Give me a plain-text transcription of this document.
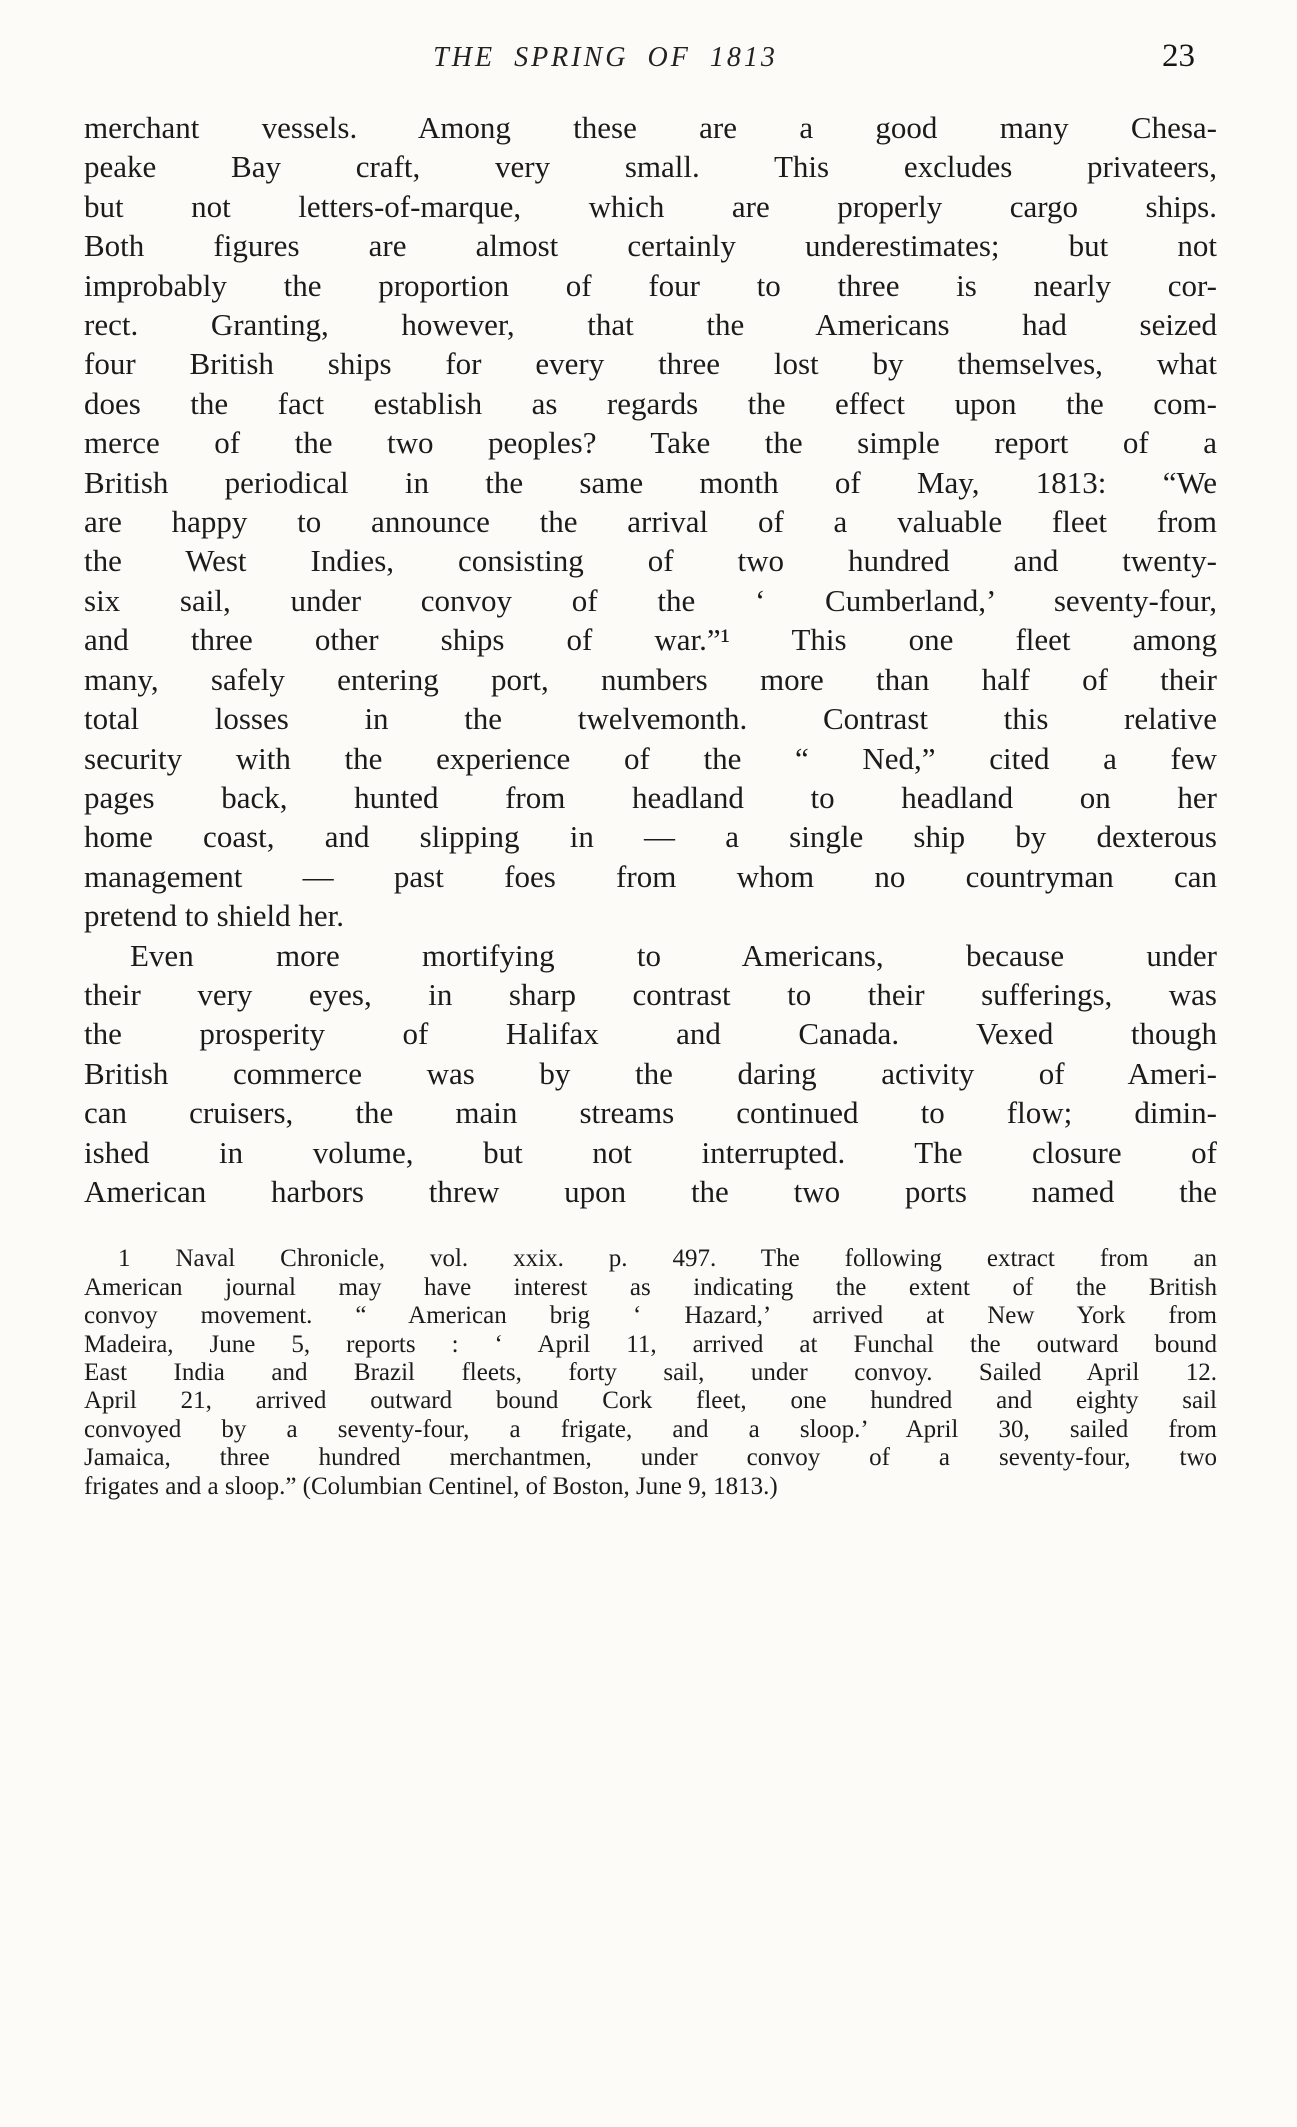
THE SPRING OF 1813	23
merchant vessels. Among these are a good many Chesa-
peake Bay craft, very small. This excludes privateers,
but not letters-of-marque, which are properly cargo ships.
Both figures are almost certainly underestimates; but not
improbably the proportion of four to three is nearly cor-
rect. Granting, however, that the Americans had seized
four British ships for every three lost by themselves, what
does the fact establish as regards the effect upon the com-
merce of the two peoples? Take the simple report of a
British periodical in the same month of May, 1813: “We
are happy to announce the arrival of a valuable fleet from
the West Indies, consisting of two hundred and twenty-
six sail, under convoy of the ‘ Cumberland,’ seventy-four,
and three other ships of war.”¹ This one fleet among
many, safely entering port, numbers more than half of their
total losses in the twelvemonth. Contrast this relative
security with the experience of the “ Ned,” cited a few
pages back, hunted from headland to headland on her
home coast, and slipping in — a single ship by dexterous
management — past foes from whom no countryman can
pretend to shield her.
Even more mortifying to Americans, because under
their very eyes, in sharp contrast to their sufferings, was
the prosperity of Halifax and Canada. Vexed though
British commerce was by the daring activity of Ameri-
can cruisers, the main streams continued to flow; dimin-
ished in volume, but not interrupted. The closure of
American harbors threw upon the two ports named the
1 Naval Chronicle, vol. xxix. p. 497. The following extract from an
American journal may have interest as indicating the extent of the British
convoy movement. “ American brig ‘ Hazard,’ arrived at New York from
Madeira, June 5, reports : ‘ April 11, arrived at Funchal the outward bound
East India and Brazil fleets, forty sail, under convoy. Sailed April 12.
April 21, arrived outward bound Cork fleet, one hundred and eighty sail
convoyed by a seventy-four, a frigate, and a sloop.’ April 30, sailed from
Jamaica, three hundred merchantmen, under convoy of a seventy-four, two
frigates and a sloop.” (Columbian Centinel, of Boston, June 9, 1813.)
